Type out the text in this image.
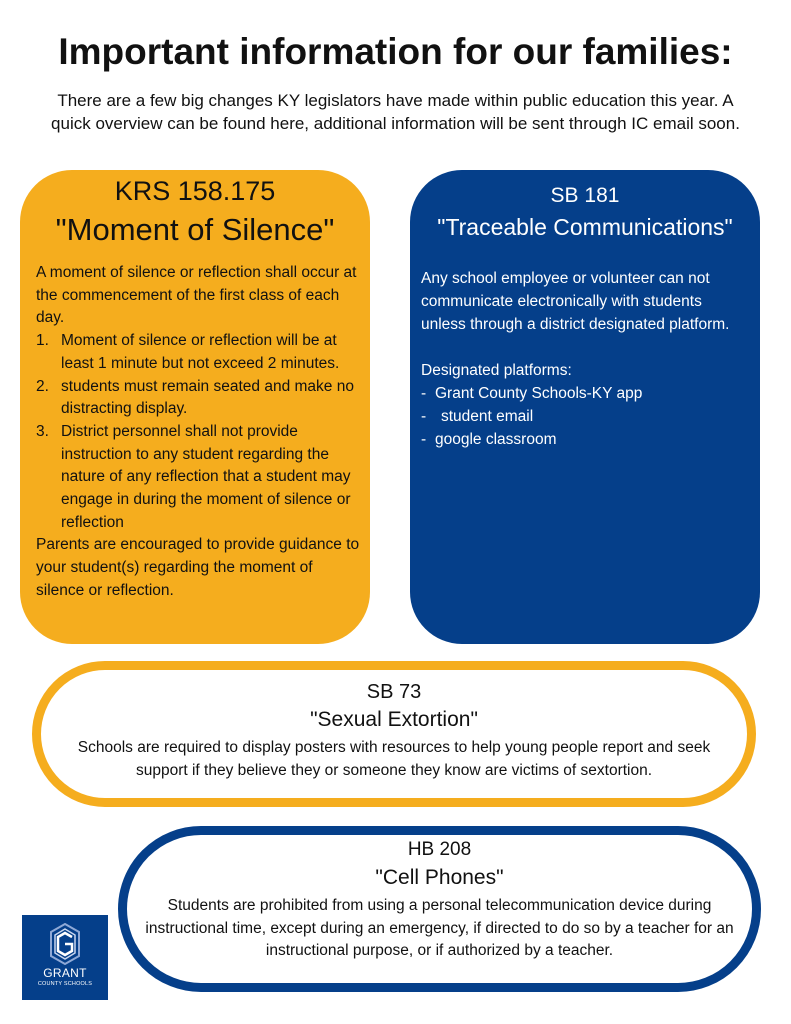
Important information for our families:

There are a few big changes KY legislators have made within public education this year. A quick overview can be found here, additional information will be sent through IC email soon.

KRS 158.175
"Moment of Silence"

A moment of silence or reflection shall occur at the commencement of the first class of each day.

1. Moment of silence or reflection will be at least 1 minute but not exceed 2 minutes.
2. students must remain seated and make no distracting display.
3. District personnel shall not provide instruction to any student regarding the nature of any reflection that a student may engage in during the moment of silence or reflection

Parents are encouraged to provide guidance to your student(s) regarding the moment of silence or reflection.

SB 181
"Traceable Communications"

Any school employee or volunteer can not communicate electronically with students unless through a district designated platform.

Designated platforms:

- Grant County Schools-KY app
- student email
- google classroom
SB 73
"Sexual Extortion"

Schools are required to display posters with resources to help young people report and seek support if they believe they or someone they know are victims of sextortion.

HB 208
"Cell Phones"

Students are prohibited from using a personal telecommunication device during instructional time, except during an emergency, if directed to do so by a teacher for an instructional purpose, or if authorized by a teacher.

GRANT
COUNTY SCHOOLS
